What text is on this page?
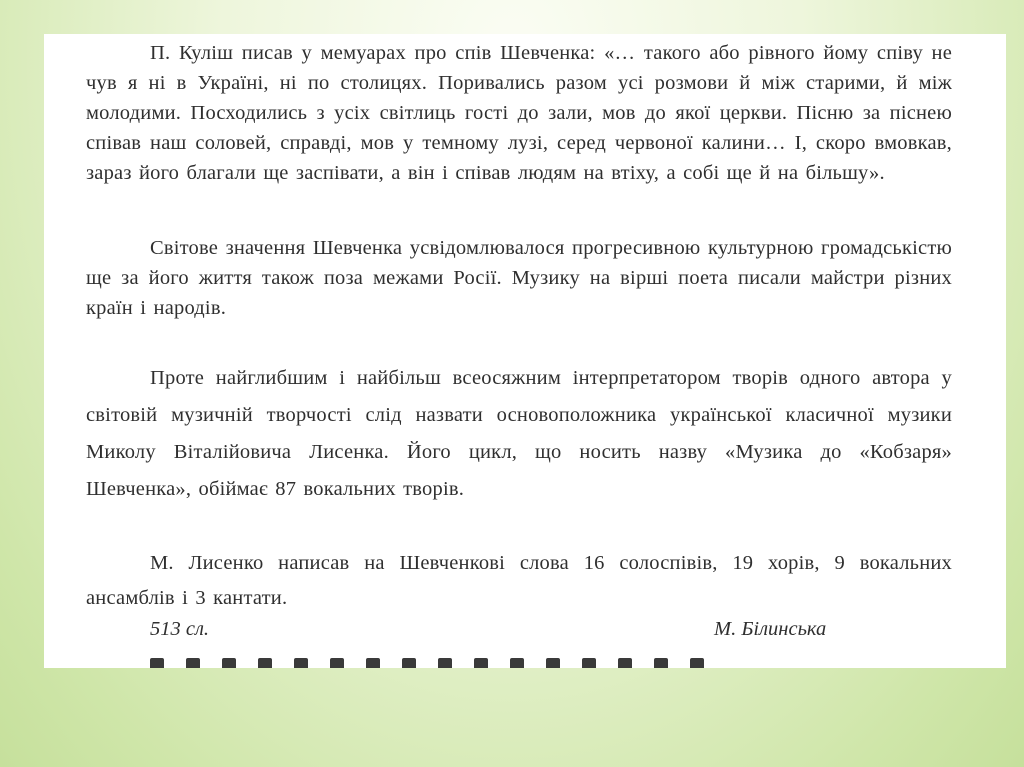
П. Куліш писав у мемуарах про спів Шевченка: «… такого або рівного йому співу не чув я ні в Україні, ні по столицях. Поривались разом усі розмови й між старими, й між молодими. Посходились з усіх світлиць гості до зали, мов до якої церкви. Пісню за піснею співав наш соловей, справді, мов у темному лузі, серед червоної калини… І, скоро вмовкав, зараз його благали ще заспівати, а він і співав людям на втіху, а собі ще й на більшу».

Світове значення Шевченка усвідомлювалося прогресивною культурною громадськістю ще за його життя також поза межами Росії. Музику на вірші поета писали майстри різних країн і народів.

Проте найглибшим і найбільш всеосяжним інтерпретатором творів одного автора у світовій музичній творчості слід назвати основоположника української класичної музики Миколу Віталійовича Лисенка. Його цикл, що носить назву «Музика до «Кобзаря» Шевченка», обіймає 87 вокальних творів.

М. Лисенко написав на Шевченкові слова 16 солоспівів, 19 хорів, 9 вокальних ансамблів і 3 кантати.

513 сл.	М. Білинська
